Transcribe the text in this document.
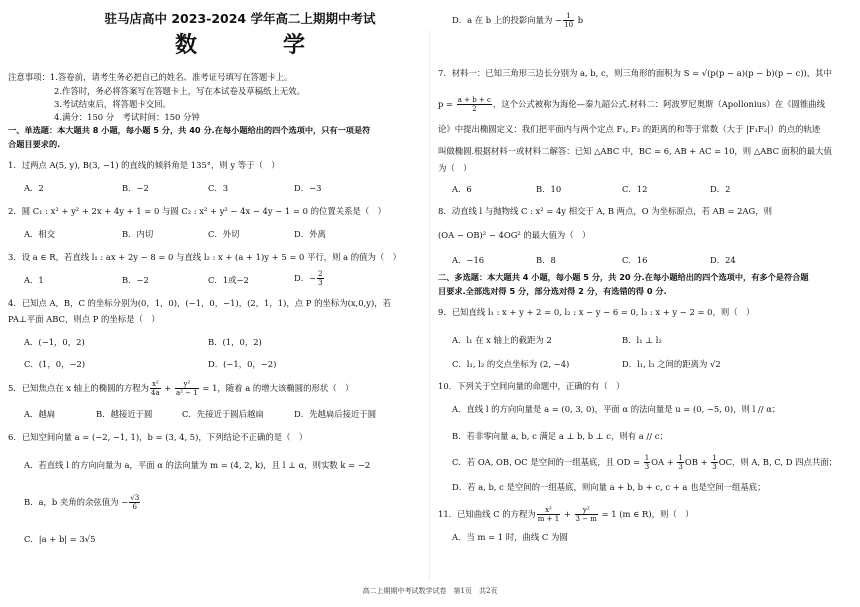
驻马店高中 2023-2024 学年高二上期期中考试
数	学
注意事项：1.答卷前，请考生务必把自己的姓名、准考证号填写在答题卡上。
2.作答时，务必将答案写在答题卡上，写在本试卷及草稿纸上无效。
3.考试结束后，将答题卡交回。
4.满分：150 分　考试时间：150 分钟
一、单选题：本大题共 8 小题，每小题 5 分，共 40 分.在每小题给出的四个选项中，只有一项是符
合题目要求的.
1．过两点 A(5, y), B(3, −1) 的直线的倾斜角是 135°，则 y 等于（　）
A．2	B．−2	C．3	D．−3
2．圆 C₁ : x² + y² + 2x + 4y + 1 = 0 与圆 C₂ : x² + y² − 4x − 4y − 1 = 0 的位置关系是（　）
A．相交	B．内切	C．外切	D．外离
3．设 a ∈ R，若直线 l₁ : ax + 2y − 8 = 0 与直线 l₂ : x + (a + 1)y + 5 = 0 平行，则 a 的值为（　）
A．1	B．−2	C．1或−2	D．− $\frac{2}{3}$
4．已知点 A，B，C 的坐标分别为(0，1，0)，(−1，0，−1)，(2，1，1)，点 P 的坐标为(x,0,y)，若
PA⊥平面 ABC，则点 P 的坐标是（　）
A．(−1，0，2)	B．(1，0，2)
C．(1，0，−2)	D．(−1，0，−2)
5．已知焦点在 x 轴上的椭圆的方程为 $\frac{\text{x²}}{4a} + \frac{\text{y²}}{\text{a² − 1}} = 1$，随着 a 的增大该椭圆的形状（　）
A．越扁	B．越接近于圆	C．先接近于圆后越扁	D．先越扁后接近于圆
6．已知空间向量 a = (−2, −1, 1)，b = (3, 4, 5)，下列结论不正确的是（　）
A．若直线 l 的方向向量为 a，平面 α 的法向量为 m = (4, 2, k)，且 l ⊥ α，则实数 k = −2
B．a，b 夹角的余弦值为 − $\frac{√3}{6}$
C．|a + b| = 3√5
D．a 在 b 上的投影向量为 − $\frac{1}{10}$ b
7．材料一：已知三角形三边长分别为 a, b, c，则三角形的面积为 S = √(p(p − a)(p − b)(p − c))，其中
$p = \frac{a + b + c}{2}$ ，这个公式被称为海伦—秦九韶公式.材料二：阿波罗尼奥斯（Apollonius）在《圆锥曲线
论》中提出椭圆定义：我们把平面内与两个定点 F₁, F₂ 的距离的和等于常数（大于 |F₁F₂|）的点的轨迹
叫做椭圆.根据材料一或材料二解答：已知 △ABC 中，BC = 6, AB + AC = 10，则 △ABC 面积的最大值
为（　）
A．6	B．10	C．12	D．2
8．动直线 l 与抛物线 C : x² = 4y 相交于 A, B 两点，O 为坐标原点，若 AB = 2AG，则
(OA − OB)² − 4OG² 的最大值为（　）
A．−16	B．8	C．16	D．24
二、多选题：本大题共 4 小题，每小题 5 分，共 20 分.在每小题给出的四个选项中，有多个是符合题
目要求.全部选对得 5 分，部分选对得 2 分，有选错的得 0 分.
9．已知直线 l₁ : x + y + 2 = 0, l₂ : x − y − 6 = 0, l₃ : x + y − 2 = 0，则（　）
A．l₁ 在 x 轴上的截距为 2	B．l₁ ⊥ l₂
C．l₁, l₂ 的交点坐标为 (2, −4)	D．l₁, l₃ 之间的距离为 √2
10．下列关于空间向量的命题中，正确的有（　）
A．直线 l 的方向向量是 a = (0, 3, 0)，平面 α 的法向量是 u = (0, −5, 0)，则 l // α；
B．若非零向量 a, b, c 满足 a ⊥ b, b ⊥ c，则有 a // c；
C．若 OA, OB, OC 是空间的一组基底，且 OD = $\frac{1}{3}$ OA + $\frac{1}{3}$ OB + $\frac{1}{3}$ OC，则 A, B, C, D 四点共面；
D．若 a, b, c 是空间的一组基底，则向量 a + b, b + c, c + a 也是空间一组基底；
11．已知曲线 C 的方程为 $\frac{\text{x²}}{m + 1} + \frac{\text{y²}}{3 - m} = 1$ (m ∈ R)，则（　）
A．当 m = 1 时，曲线 C 为圆
高二上期期中考试数学试卷　第1页　共2页
